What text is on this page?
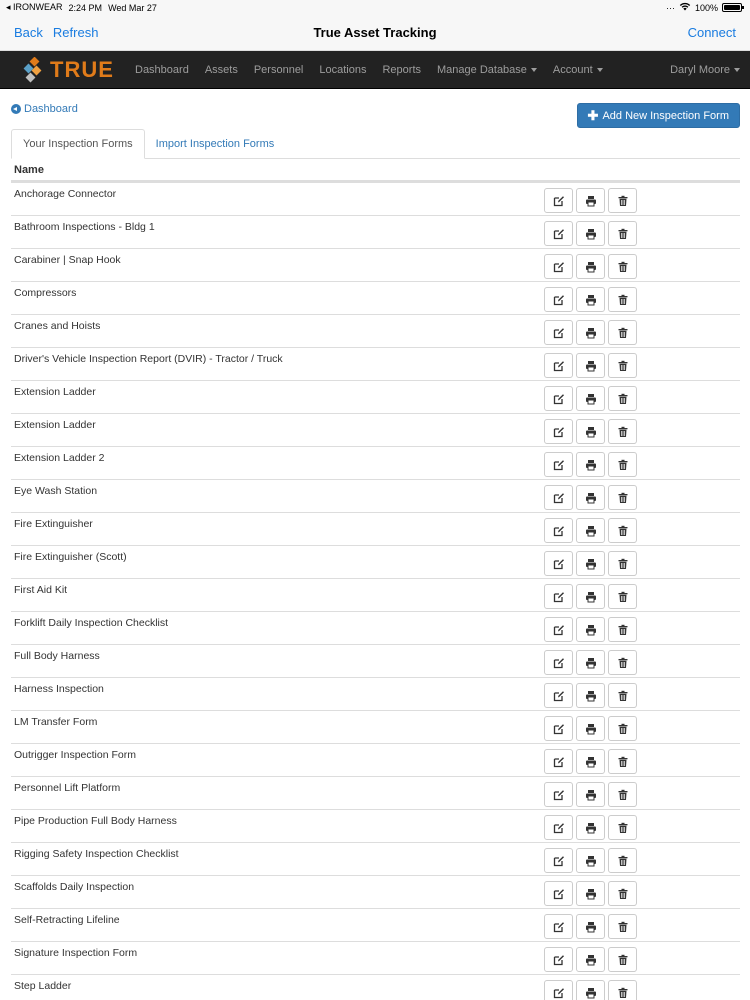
◂ IRONWEAR 2:24 PM Wed Mar 27	··· 100%
Back Refresh	True Asset Tracking	Connect
TRUE	Dashboard	Assets	Personnel	Locations	Reports	Manage Database	Account	Daryl Moore
Dashboard	✚ Add New Inspection Form
Your Inspection Forms	Import Inspection Forms
Name
Anchorage Connector
Bathroom Inspections - Bldg 1
Carabiner | Snap Hook
Compressors
Cranes and Hoists
Driver's Vehicle Inspection Report (DVIR) - Tractor / Truck
Extension Ladder
Extension Ladder
Extension Ladder 2
Eye Wash Station
Fire Extinguisher
Fire Extinguisher (Scott)
First Aid Kit
Forklift Daily Inspection Checklist
Full Body Harness
Harness Inspection
LM Transfer Form
Outrigger Inspection Form
Personnel Lift Platform
Pipe Production Full Body Harness
Rigging Safety Inspection Checklist
Scaffolds Daily Inspection
Self-Retracting Lifeline
Signature Inspection Form
Step Ladder
